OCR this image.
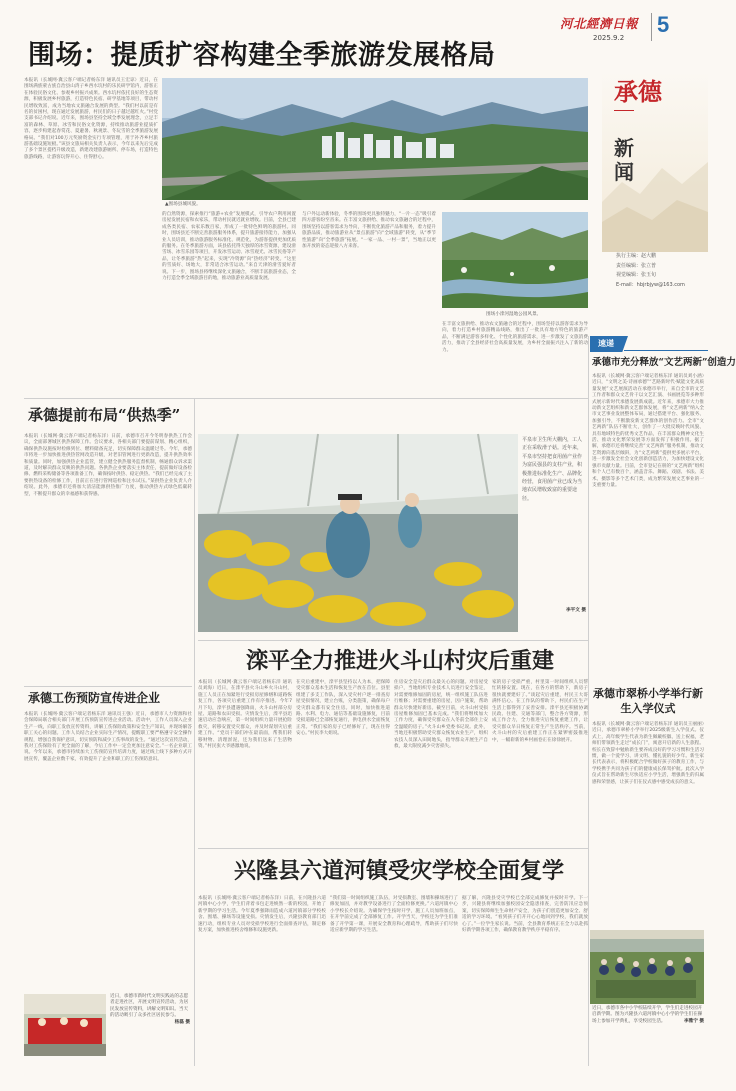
河北經濟日報
2025.9.2
5
围场：提质扩容构建全季旅游发展格局
承德
新闻
执行主编：赵大鹏
责任编辑：张立普
视觉编辑：张玉旬
E-mail：hbjrbjyw@163.com
速递
承德市充分释放“文艺两新”创造力
本报讯（长城网·冀云客户端记者杨东洋 通讯员刘小涵）近日，“文明之美·诗画承德”“艺路新时代·赋能文化高质量发展”文艺展演活动在承德市举行，来自全市的文艺工作者和群众文艺骨干以文艺汇演、书画展览等多种形式展示新时代承德发展新成就。近年来，承德市大力推动新文艺组织和新文艺群体发展，将“文艺两新”纳入全市文艺事业发展整体布局，通过搭建平台、强化服务、加强引导，不断激发新文艺群体的创作活力。全市“文艺两新”队伍不断壮大，创作了一大批反映时代风貌、具有地域特色的优秀文艺作品，在丰富群众精神文化生活、推动文化繁荣发展等方面发挥了积极作用。据了解，承德市还将继续完善“文艺两新”服务机制，推动文艺资源向基层倾斜，为“文艺两新”提供更多展示平台，进一步激发全社会文化创新创造活力，为加快建设文化强市贡献力量。目前，全市登记在册的“文艺两新”组织和个人已有数百个，涵盖音乐、舞蹈、戏剧、书法、美术、摄影等多个艺术门类，成为繁荣发展文艺事业的一支重要力量。
承德市翠桥小学举行新生入学仪式
本报讯（长城网·冀云客户端记者杨东洋 通讯员王丽丽）近日，承德市翠桥小学举行2025级新生入学仪式。仪式上，高年级学生代表为新生佩戴校徽、送上祝福，老师们带领新生走过“成长门”，寓意开启新的人生旅程。校长在致辞中勉励新生要养成良好的学习习惯和生活习惯，做一个爱学习、讲文明、懂礼貌的好少年。新生家长代表表示，将积极配合学校做好孩子的教育工作，与学校携手共同为孩子们的健康成长保驾护航。此次入学仪式旨在帮助新生尽快适应小学生活，增强新生的归属感和荣誉感，让孩子们在仪式感中感受成长的意义。
近日，承德市各中小学校陆续开学，学生们走进校园开启新学期。图为兴隆县六道河镇中心小学的学生们在操场上参加开学典礼，享受校园生活。	李雅宁 摄
本报讯（长城网·冀云客户端记者杨东洋 通讯员王宏谅）近日，在围场满族蒙古族自治县山湾子乡西水坑村的乐民研学馆内，游客正在体验民俗文化、参观乡村振兴成果。西水坑村依托良好的生态资源，积极发展乡村旅游，打造特色民宿、研学基地等项目，带动村民增收致富，成为当地农文旅融合发展的典型。“我们村以前是有名的贫困村，现在通过发展旅游，村民们的日子越过越红火。”村党支部书记介绍说。近年来，围场县坚持全域全季发展理念，立足丰富的森林、草原、冰雪和民俗文化资源，持续推动旅游业提质扩容，逐步构建起春赏花、夏避暑、秋观景、冬玩雪的全季旅游发展格局。“我们对100万元奖励资金实行专项管理，用于补齐乡村旅游基础设施短板。”该县文旅局相关负责人表示，今年以来先后完成了多个景区提档升级改造，新建改建旅游厕所、停车场，打造特色旅游线路，让游客玩得开心、住得舒心。
▲围场县城风貌。
的自然资源，探索推行“旅游+农业”发展模式，引导农户利用闲置房屋发展民宿和农家乐，带动村民就近就业增收。目前，全县已建成各类民宿、农家乐数百家，形成了一批特色鲜明的旅游村。同时，围场县还不断完善旅游服务体系，提升旅游接待能力，加强从业人员培训，推动旅游服务标准化、规范化，为游客提供更加优质的服务。在冬季旅游方面，该县依托得天独厚的冰雪资源，建设滑雪场、冰雪乐园等项目，开发冰雪运动、冰雪观光、冰雪民俗等产品，让冬季旅游“热”起来，实现“冷资源”向“热经济”转变。“这里的雪质好、场地大，非常适合冰雪运动。”来自天津的滑雪爱好者说。下一步，围场县将继续深化文旅融合，不断丰富旅游业态，全力打造全季全域旅游目的地，推动旅游业高质量发展。
与户外运动新体验，冬季的围场更具独特魅力，“一片一态”吸引着四方游客纷至沓来。在丰富文旅供给、推动农文旅融合的过程中，围场坚持以游客需求为导向，不断优化旅游产品和服务，着力提升旅游品质，推动旅游业从“景点旅游”向“全域旅游”转变，从“季节性旅游”向“全季旅游”拓展。“一家一品、一村一景”，当地正以更加开放的姿态迎接八方来客。
围场小滦河湿地公园风景。
在丰富文旅供给、推动农文旅融合的过程中，围场坚持以游客需求为导向，着力打造乡村旅游精品线路，推出了一批具有地方特色的旅游产品，不断满足游客多样化、个性化的旅游需求，进一步激发了文旅消费活力，推动了全县经济社会高质量发展，为乡村全面振兴注入了新的动力。
承德提前布局“供热季”
本报讯（长城网·冀云客户端记者杨东洋）日前，承德市召开今冬明春供热工作会议，全面部署城区供热保障工作。会议要求，各相关部门要提前谋划、精心组织，确保供热设施按时检修到位、燃料储备充足，切实保障群众温暖过冬。今年，承德市将进一步加快推进供热管网改造升级，对老旧管网进行更新改造，提升供热效率和质量。同时，加强供热企业监管，建立健全供热服务监督机制，畅通群众诉求渠道，及时解决群众反映的供热问题。各供热企业要落实主体责任，提前做好设备检修、燃料采购储备等各项准备工作，确保按时供热、稳定供热。“我们已经完成了主要供热设备的检修工作，目前正在进行管网巡检和注水试压。”某供热企业负责人介绍说。此外，承德市还将加大清洁能源供热推广力度，推动供热方式绿色低碳转型，不断提升群众的幸福感和获得感。
承德工伤预防宣传进企业
本报讯（长城网·冀云客户端记者杨东洋 通讯员王强）近日，承德市人力资源和社会保障局联合相关部门开展工伤预防宣传进企业活动。活动中，工作人员深入企业生产一线，向职工发放宣传资料，讲解工伤保险政策和安全生产知识，并现场解答职工关心的问题。工作人员结合企业实际生产情况，提醒职工要严格遵守安全操作规程，增强自我保护意识，切实预防和减少工伤事故的发生。“通过这次宣传活动，我对工伤保险有了更全面的了解，今后工作中一定会更加注意安全。”一名企业职工说。今年以来，承德市持续加大工伤预防宣传培训力度，通过线上线下多种方式开展宣传，覆盖企业数千家，有效提升了企业和职工的工伤预防意识。
近日，承德市新时代文明实践站的志愿者走进社区，开展文明宣传活动，为居民发放宣传资料，讲解文明知识。当天的活动吸引了众多社区居民参与。
杨磊 摄
平泉市卫生所大棚内，工人正在采收滑子菇。近年来，平泉市坚持把食用菌产业作为富民强县的支柱产业，积极推进标准化生产、品牌化经营，食用菌产业已成为当地农民增收致富的重要途径。
李平文 摄
滦平全力推进火斗山村灾后重建
本报讯（长城网·冀云客户端记者杨东洋 通讯员刘海）近日，在滦平县火斗山乡火斗山村，施工人员正在加紧进行受损房屋修缮和道路恢复工作，各项灾后重建工作有序推进。今年7月下旬，滦平县遭遇强降雨，火斗山村部分房屋、道路和农田受损。灾情发生后，滦平县迅速启动应急响应，第一时间组织力量开展抢险救灾，转移安置受灾群众，并及时谋划灾后重建工作。“党员干部们冲在最前面，帮我们转移财物、清理淤泥，还为我们送来了生活物资。”村民张大爷感激地说。
在灾后重建中，滦平县坚持以人为本，把保障受灾群众基本生活和恢复生产放在首位。县里组建了多支工作队，深入受灾村户逐一排查房屋受损情况，建立台账，分类施策，确保每户受灾群众都有安全住房。同时，加快推进道路、水利、电力、通信等基础设施修复，目前受损道路已全部恢复通行，供电供水全面恢复正常。“我们家的房子已经修好了，现在住得安心。”村民李大姐说。
住房安全是灾后群众最关心的问题。对房屋受损户，当地组织专业技术人员进行安全鉴定，对需要维修加固的房屋，统一组织施工队伍进行维修；对需要重建的房屋，因户施策，帮助群众尽快建好新房。截至目前，火斗山村受损房屋维修加固已基本完成。“我们将继续加大工作力度，确保受灾群众在入冬前全部住上安全温暖的房子。”火斗山乡党委书记说。此外，当地还积极帮助受灾群众恢复农业生产，组织农技人员深入田间地头，指导群众开展生产自救，最大限度减少灾害损失。
家的房子受损严重，村里第一时间组织人员帮忙转移安置。现在，在各方的帮助下，新房子很快就要建好了。”谈起灾后重建，村民王大哥满怀信心。在工作队的帮助下，村民们在生产生活上都得到了妥善安排。滦平县还积极协调民政、住建、交通等部门，整合各方资源，形成工作合力，全力推进灾后恢复重建工作，让受灾群众早日恢复正常生产生活秩序。当前，火斗山村的灾后重建工作正在紧锣密鼓推进中，一幅崭新的乡村画卷正在徐徐展开。
兴隆县六道河镇受灾学校全面复学
本报讯（长城网·冀云客户端记者杨东洋）日前，在兴隆县六道河镇中心小学，学生们背着书包走进焕然一新的校园，开始了新学期的学习生活。今年夏季强降雨造成六道河镇部分学校校舍、围墙、操场等设施受损。灾情发生后，兴隆县教育部门迅速行动，组织专业人员对受损学校进行全面排查评估，制定修复方案，加快推进校舍维修和设施更新。
“我们第一时间组织施工队伍，对受损教室、围墙和操场进行了修复加固，并对教学设备进行了全面检修更换。”六道河镇中心小学校长介绍说。为确保学生按时开学，施工人员加班加点，在开学前完成了全部修复工作。开学当天，学校还为学生们准备了开学第一课，开展安全教育和心理疏导，帮助孩子们尽快适应新学期的学习生活。
据了解，兴隆县受灾学校已全部完成修复并按时开学。下一步，兴隆县将继续加强校园安全隐患排查，完善防汛应急预案，切实保障师生生命财产安全，为孩子们创造更加安全、舒适的学习环境。“看到孩子们开开心心地回到学校，我们就放心了。”一位学生家长说。当前，全县教育系统正在全力以赴抓好新学期各项工作，确保教育教学秩序平稳有序。
